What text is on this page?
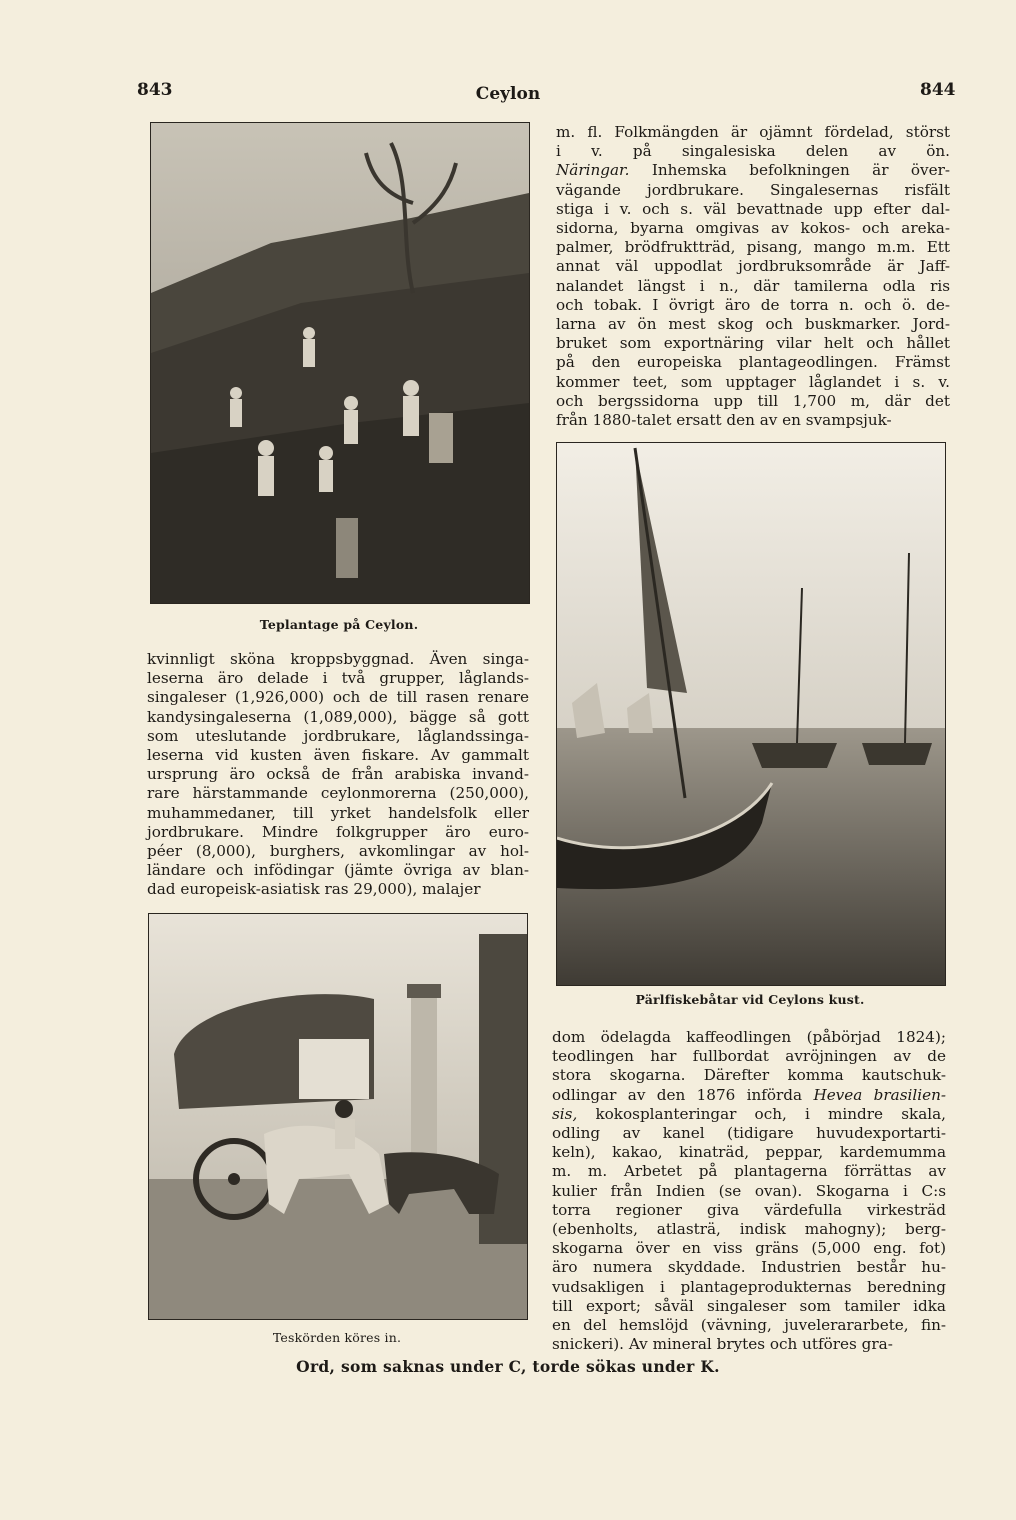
843	Ceylon	844
Teplantage på Ceylon.
m. fl. Folkmängden är ojämnt fördelad, störst
i v. på singalesiska delen av ön.
Näringar. Inhemska befolkningen är över-
vägande jordbrukare. Singalesernas risfält
stiga i v. och s. väl bevattnade upp efter dal-
sidorna, byarna omgivas av kokos- och areka-
palmer, brödfruktträd, pisang, mango m.m. Ett
annat väl uppodlat jordbruksområde är Jaff-
nalandet längst i n., där tamilerna odla ris
och tobak. I övrigt äro de torra n. och ö. de-
larna av ön mest skog och buskmarker. Jord-
bruket som exportnäring vilar helt och hållet
på den europeiska plantageodlingen. Främst
kommer teet, som upptager låglandet i s. v.
och bergssidorna upp till 1,700 m, där det
från 1880-talet ersatt den av en svampsjuk-
Pärlfiskebåtar vid Ceylons kust.
kvinnligt sköna kroppsbyggnad. Även singa-
leserna äro delade i två grupper, låglands-
singaleser (1,926,000) och de till rasen renare
kandysingaleserna (1,089,000), bägge så gott
som uteslutande jordbrukare, låglandssinga-
leserna vid kusten även fiskare. Av gammalt
ursprung äro också de från arabiska invand-
rare härstammande ceylonmorerna (250,000),
muhammedaner, till yrket handelsfolk eller
jordbrukare. Mindre folkgrupper äro euro-
péer (8,000), burghers, avkomlingar av hol-
ländare och infödingar (jämte övriga av blan-
dad europeisk-asiatisk ras 29,000), malajer
Teskörden köres in.
dom ödelagda kaffeodlingen (påbörjad 1824);
teodlingen har fullbordat avröjningen av de
stora skogarna. Därefter komma kautschuk-
odlingar av den 1876 införda Hevea brasilien-
sis, kokosplanteringar och, i mindre skala,
odling av kanel (tidigare huvudexportarti-
keln), kakao, kinaträd, peppar, kardemumma
m. m. Arbetet på plantagerna förrättas av
kulier från Indien (se ovan). Skogarna i C:s
torra regioner giva värdefulla virkesträd
(ebenholts, atlasträ, indisk mahogny); berg-
skogarna över en viss gräns (5,000 eng. fot)
äro numera skyddade. Industrien består hu-
vudsakligen i plantageprodukternas beredning
till export; såväl singaleser som tamiler idka
en del hemslöjd (vävning, juvelerararbete, fin-
snickeri). Av mineral brytes och utföres gra-
Ord, som saknas under C, torde sökas under K.
